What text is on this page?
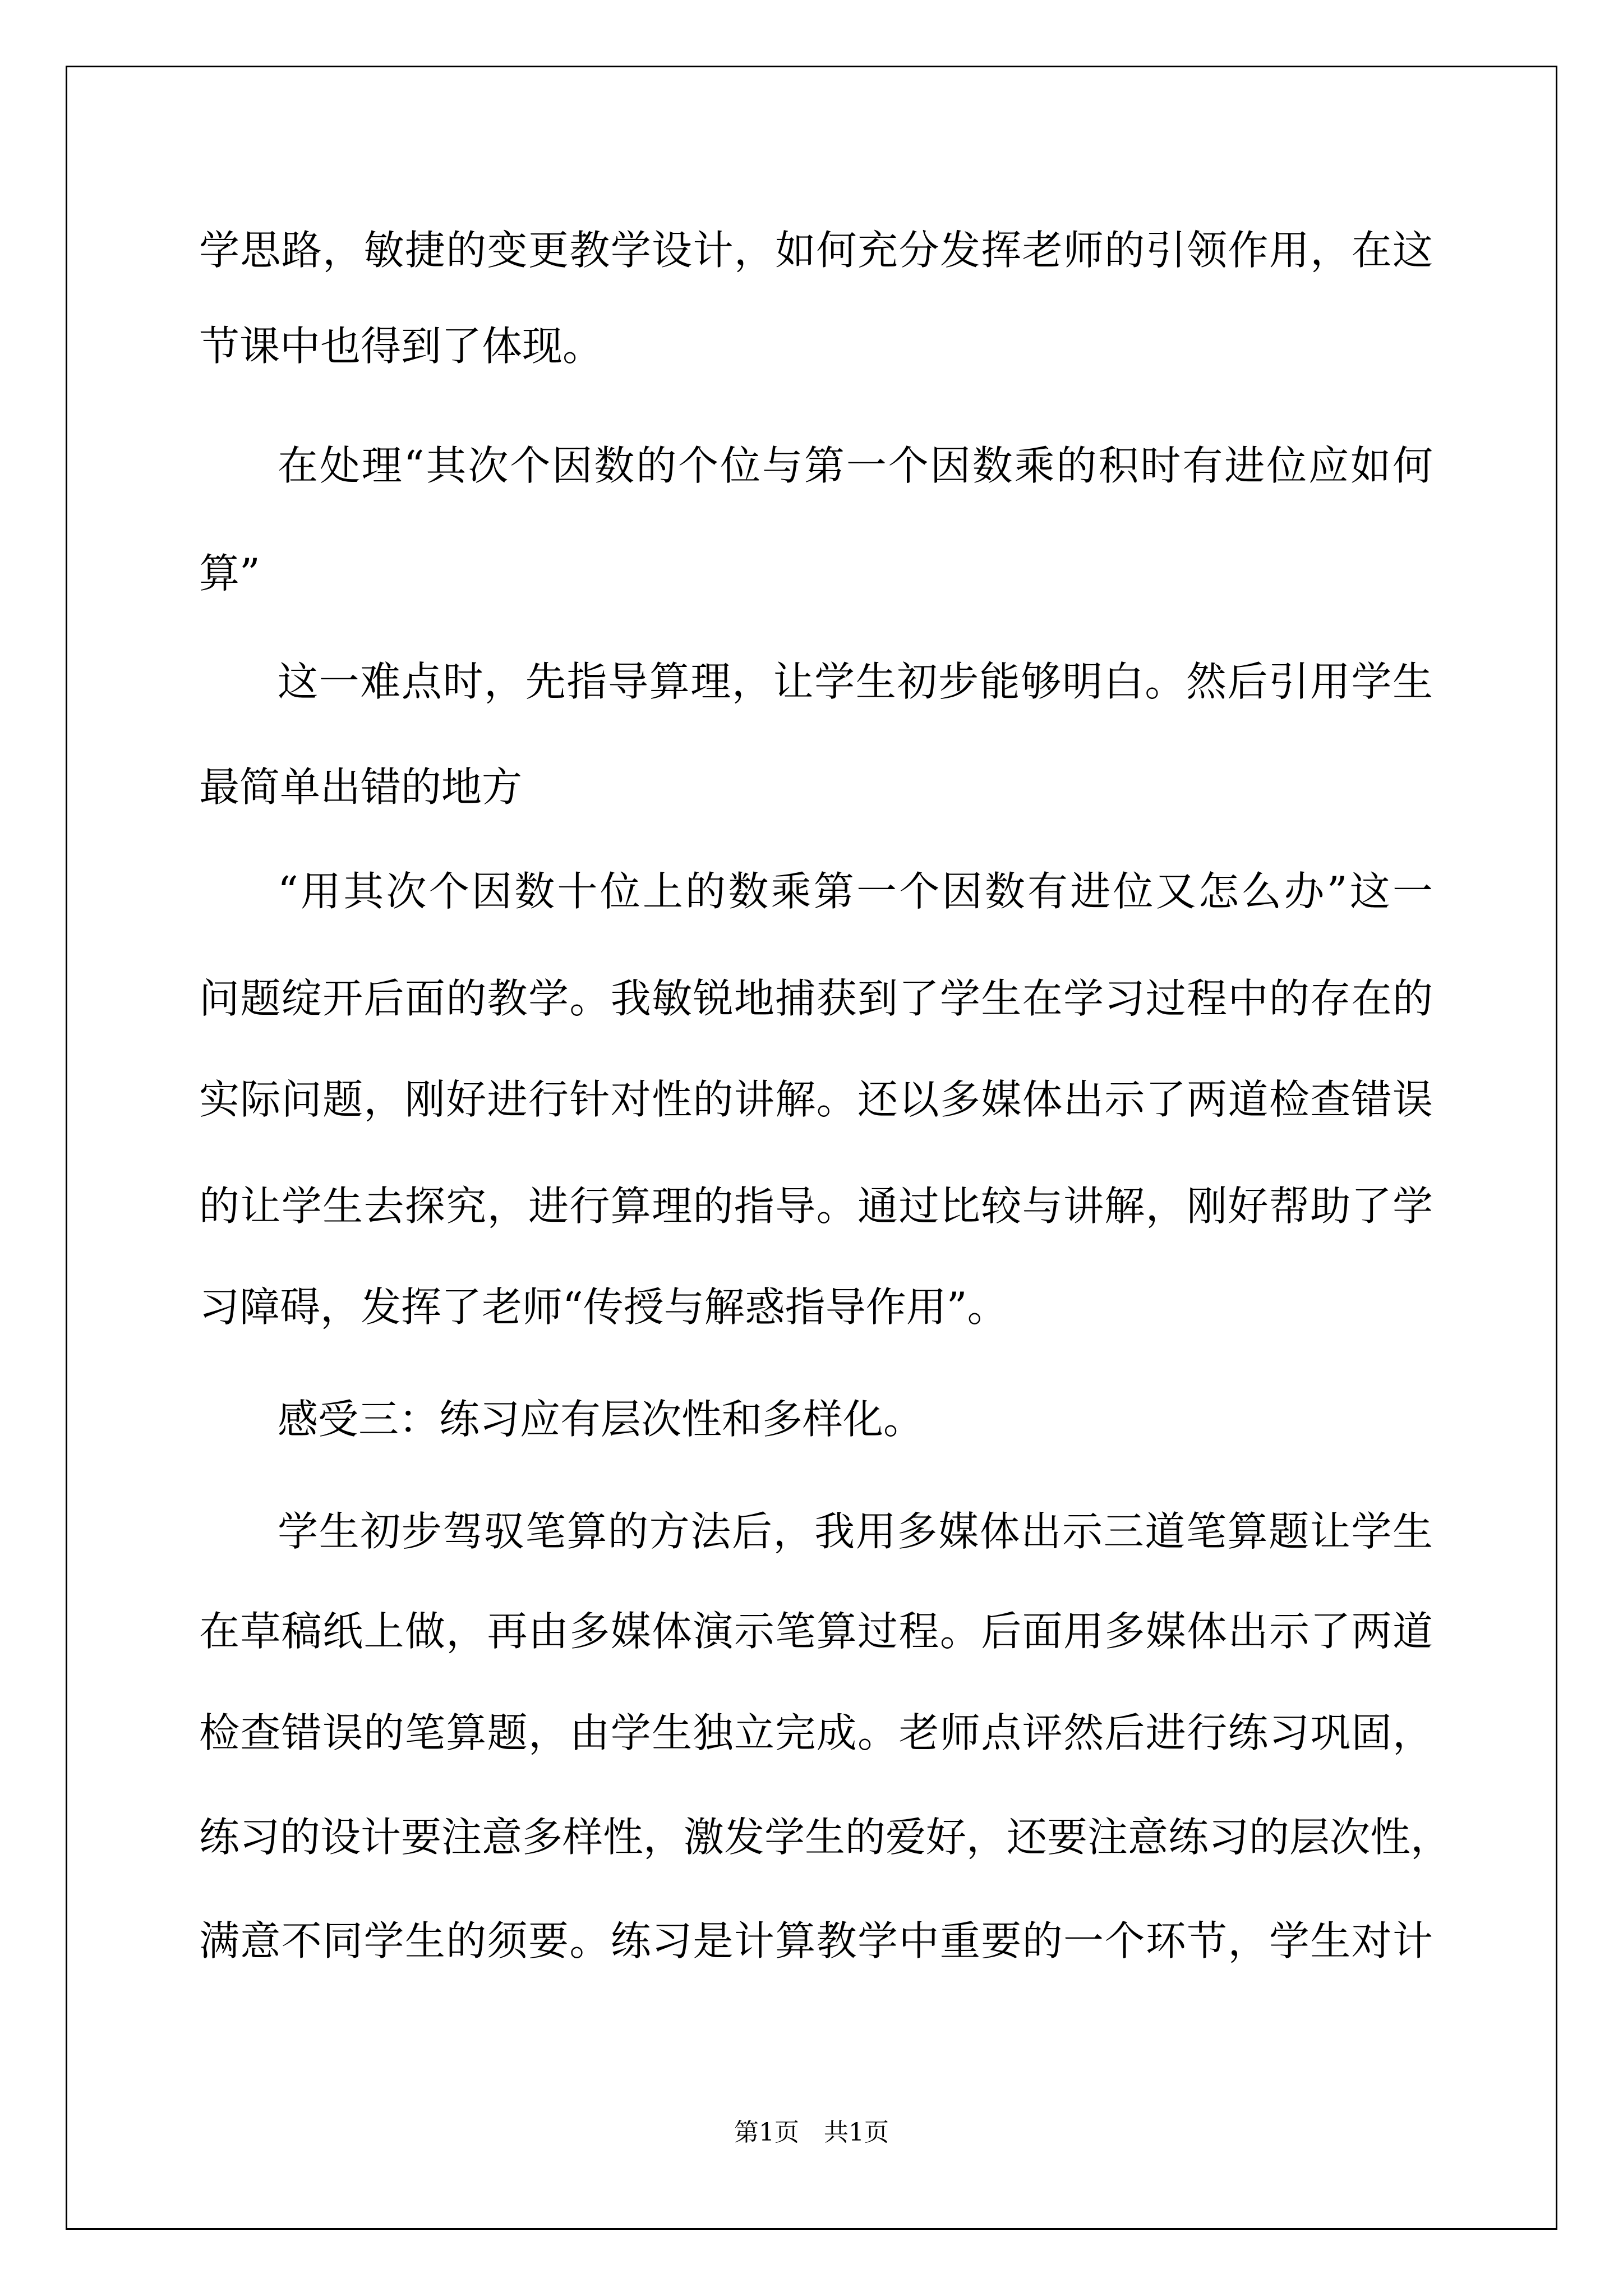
学思路，敏捷的变更教学设计，如何充分发挥老师的引领作用，在这

节课中也得到了体现。

在处理“其次个因数的个位与第一个因数乘的积时有进位应如何

算”

这一难点时，先指导算理，让学生初步能够明白。然后引用学生

最简单出错的地方

“用其次个因数十位上的数乘第一个因数有进位又怎么办”这一

问题绽开后面的教学。我敏锐地捕获到了学生在学习过程中的存在的

实际问题，刚好进行针对性的讲解。还以多媒体出示了两道检查错误

的让学生去探究，进行算理的指导。通过比较与讲解，刚好帮助了学

习障碍，发挥了老师“传授与解惑指导作用”。

感受三：练习应有层次性和多样化。

学生初步驾驭笔算的方法后，我用多媒体出示三道笔算题让学生

在草稿纸上做，再由多媒体演示笔算过程。后面用多媒体出示了两道

检查错误的笔算题，由学生独立完成。老师点评然后进行练习巩固，

练习的设计要注意多样性，激发学生的爱好，还要注意练习的层次性，

满意不同学生的须要。练习是计算教学中重要的一个环节，学生对计

第1页　共1页
